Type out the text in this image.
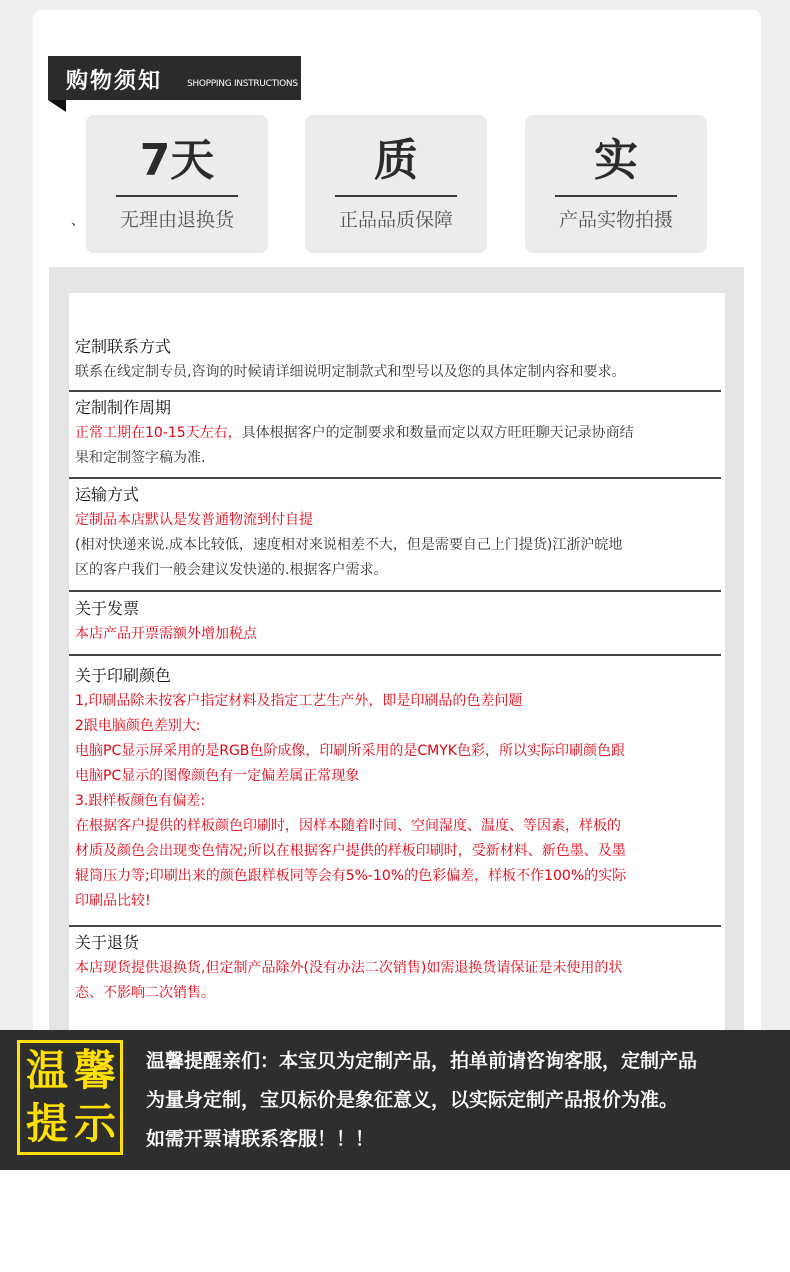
购物须知	SHOPPING INSTRUCTIONS
、
7天
无理由退换货
质
正品品质保障
实
产品实物拍摄
定制联系方式

联系在线定制专员,咨询的时候请详细说明定制款式和型号以及您的具体定制内容和要求。

定制制作周期

正常工期在10-15天左右，具体根据客户的定制要求和数量而定以双方旺旺聊天记录协商结

果和定制签字稿为准.

运输方式

定制品本店默认是发普通物流到付自提

(相对快递来说.成本比较低，速度相对来说相差不大，但是需要自己上门提货)江浙沪皖地

区的客户我们一般会建议发快递的.根据客户需求。

关于发票

本店产品开票需额外增加税点

关于印刷颜色

1,印刷品除未按客户指定材料及指定工艺生产外，即是印刷品的色差问题

2跟电脑颜色差别大:

电脑PC显示屏采用的是RGB色阶成像，印刷所采用的是CMYK色彩，所以实际印刷颜色跟

电脑PC显示的图像颜色有一定偏差属正常现象

3.跟样板颜色有偏差:

在根据客户提供的样板颜色印刷时，因样本随着时间、空间湿度、温度、等因素，样板的

材质及颜色会出现变色情况;所以在根据客户提供的样板印刷时，受新材料、新色墨、及墨

辊筒压力等;印刷出来的颜色跟样板同等会有5%-10%的色彩偏差，样板不作100%的实际

印刷品比较!

关于退货

本店现货提供退换货,但定制产品除外(没有办法二次销售)如需退换货请保证是未使用的状

态、不影响二次销售。

温 馨
提 示
温馨提醒亲们：本宝贝为定制产品，拍单前请咨询客服，定制产品
为量身定制，宝贝标价是象征意义，以实际定制产品报价为准。
如需开票请联系客服！！！
